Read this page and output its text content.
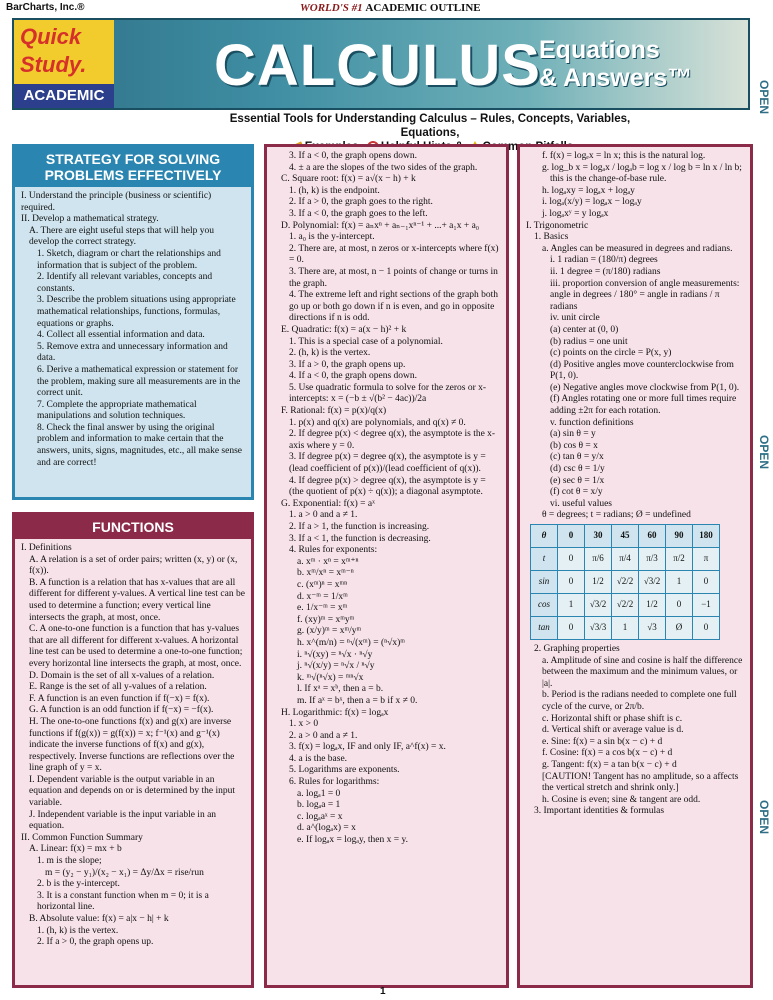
BarCharts, Inc.®	WORLD'S #1 ACADEMIC OUTLINE
Quick
Study.
ACADEMIC CALCULUS
Equations
& Answers™
Essential Tools for Understanding Calculus – Rules, Concepts, Variables, Equations,

OPEN
OPEN
OPEN
STRATEGY FOR SOLVING PROBLEMS EFFECTIVELY

I. Understand the principle (business or scientific) required.

II. Develop a mathematical strategy.

A. There are eight useful steps that will help you develop the correct strategy.

1. Sketch, diagram or chart the relationships and information that is subject of the problem.

2. Identify all relevant variables, concepts and constants.

3. Describe the problem situations using appropriate mathematical relationships, functions, formulas, equations or graphs.

4. Collect all essential information and data.

5. Remove extra and unnecessary information and data.

6. Derive a mathematical expression or statement for the problem, making sure all measurements are in the correct unit.

7. Complete the appropriate mathematical manipulations and solution techniques.

8. Check the final answer by using the original problem and information to make certain that the answers, units, signs, magnitudes, etc., all make sense and are correct!

FUNCTIONS

I. Definitions

A. A relation is a set of order pairs; written (x, y) or (x, f(x)).

B. A function is a relation that has x-values that are all different for different y-values. A vertical line test can be used to determine a function; every vertical line intersects the graph, at most, once.

C. A one-to-one function is a function that has y-values that are all different for different x-values. A horizontal line test can be used to determine a one-to-one function; every horizontal line intersects the graph, at most, once.

D. Domain is the set of all x-values of a relation.

E. Range is the set of all y-values of a relation.

F. A function is an even function if f(−x) = f(x).

G. A function is an odd function if f(−x) = −f(x).

H. The one-to-one functions f(x) and g(x) are inverse functions if f(g(x)) = g(f(x)) = x; f⁻¹(x) and g⁻¹(x) indicate the inverse functions of f(x) and g(x), respectively. Inverse functions are reflections over the line graph of y = x.

I. Dependent variable is the output variable in an equation and depends on or is determined by the input variable.

J. Independent variable is the input variable in an equation.

II. Common Function Summary

A. Linear: f(x) = mx + b

1. m is the slope;

m = (y₂ − y₁)/(x₂ − x₁) = Δy/Δx = rise/run

2. b is the y-intercept.

3. It is a constant function when m = 0; it is a horizontal line.

B. Absolute value: f(x) = a|x − h| + k

1. (h, k) is the vertex.

2. If a > 0, the graph opens up.

3. If a < 0, the graph opens down.

4. ± a are the slopes of the two sides of the graph.

C. Square root: f(x) = a√(x − h) + k

1. (h, k) is the endpoint.

2. If a > 0, the graph goes to the right.

3. If a < 0, the graph goes to the left.

D. Polynomial: f(x) = aₙxⁿ + aₙ₋₁xⁿ⁻¹ + ...+ a₁x + a₀

1. a₀ is the y-intercept.

2. There are, at most, n zeros or x-intercepts where f(x) = 0.

3. There are, at most, n − 1 points of change or turns in the graph.

4. The extreme left and right sections of the graph both go up or both go down if n is even, and go in opposite directions if n is odd.

E. Quadratic: f(x) = a(x − h)² + k

1. This is a special case of a polynomial.

2. (h, k) is the vertex.

3. If a > 0, the graph opens up.

4. If a < 0, the graph opens down.

5. Use quadratic formula to solve for the zeros or x-intercepts: x = (−b ± √(b² − 4ac))/2a

F. Rational: f(x) = p(x)/q(x)

1. p(x) and q(x) are polynomials, and q(x) ≠ 0.

2. If degree p(x) < degree q(x), the asymptote is the x-axis where y = 0.

3. If degree p(x) = degree q(x), the asymptote is y = (lead coefficient of p(x))/(lead coefficient of q(x)).

4. If degree p(x) > degree q(x), the asymptote is y = (the quotient of p(x) ÷ q(x)); a diagonal asymptote.

G. Exponential: f(x) = aˣ

1. a > 0 and a ≠ 1.

2. If a > 1, the function is increasing.

3. If a < 1, the function is decreasing.

4. Rules for exponents:

a. xᵐ · xⁿ = xᵐ⁺ⁿ

b. xᵐ/xⁿ = xᵐ⁻ⁿ

c. (xᵐ)ⁿ = xᵐⁿ

d. x⁻ᵐ = 1/xᵐ

e. 1/x⁻ᵐ = xᵐ

f. (xy)ᵐ = xᵐyᵐ

g. (x/y)ᵐ = xᵐ/yᵐ

h. x^(m/n) = ⁿ√(xᵐ) = (ⁿ√x)ᵐ

i. ⁿ√(xy) = ⁿ√x · ⁿ√y

j. ⁿ√(x/y) = ⁿ√x / ⁿ√y

k. ᵐ√(ⁿ√x) = ᵐⁿ√x

l. If xᵃ = xᵇ, then a = b.

m. If aˣ = bˣ, then a = b if x ≠ 0.

H. Logarithmic: f(x) = logₐx

1. x > 0

2. a > 0 and a ≠ 1.

3. f(x) = logₐx, IF and only IF, a^f(x) = x.

4. a is the base.

5. Logarithms are exponents.

6. Rules for logarithms:

a. logₐ1 = 0

b. logₐa = 1

c. logₐaˣ = x

d. a^(logₐx) = x

e. If logₐx = logₐy, then x = y.

f. f(x) = logₑx = ln x; this is the natural log.

g. log_b x = logₐx / logₐb = log x / log b = ln x / ln b;

this is the change-of-base rule.

h. logₐxy = logₐx + logₐy

i. logₐ(x/y) = logₐx − logₐy

j. logₐxʸ = y logₐx

I. Trigonometric

1. Basics

a. Angles can be measured in degrees and radians.

i. 1 radian = (180/π) degrees

ii. 1 degree = (π/180) radians

iii. proportion conversion of angle measurements:

angle in degrees / 180° = angle in radians / π radians

iv. unit circle

(a) center at (0, 0)

(b) radius = one unit

(c) points on the circle = P(x, y)

(d) Positive angles move counterclockwise from P(1, 0).

(e) Negative angles move clockwise from P(1, 0).

(f) Angles rotating one or more full times require adding ±2π for each rotation.

v. function definitions

(a) sin θ = y

(b) cos θ = x

(c) tan θ = y/x

(d) csc θ = 1/y

(e) sec θ = 1/x

(f) cot θ = x/y

vi. useful values

θ = degrees; t = radians; Ø = undefined

θ	0	30	45	60	90	180
t	0	π/6	π/4	π/3	π/2	π
sin	0	1/2	√2/2	√3/2	1	0
cos	1	√3/2	√2/2	1/2	0	−1
tan	0	√3/3	1	√3	Ø	0

2. Graphing properties

a. Amplitude of sine and cosine is half the difference between the maximum and the minimum values, or |a|.

b. Period is the radians needed to complete one full cycle of the curve, or 2π/b.

c. Horizontal shift or phase shift is c.

d. Vertical shift or average value is d.

e. Sine: f(x) = a sin b(x − c) + d

f. Cosine: f(x) = a cos b(x − c) + d

g. Tangent: f(x) = a tan b(x − c) + d

[CAUTION! Tangent has no amplitude, so a affects the vertical stretch and shrink only.]

h. Cosine is even; sine & tangent are odd.

3. Important identities & formulas

1
